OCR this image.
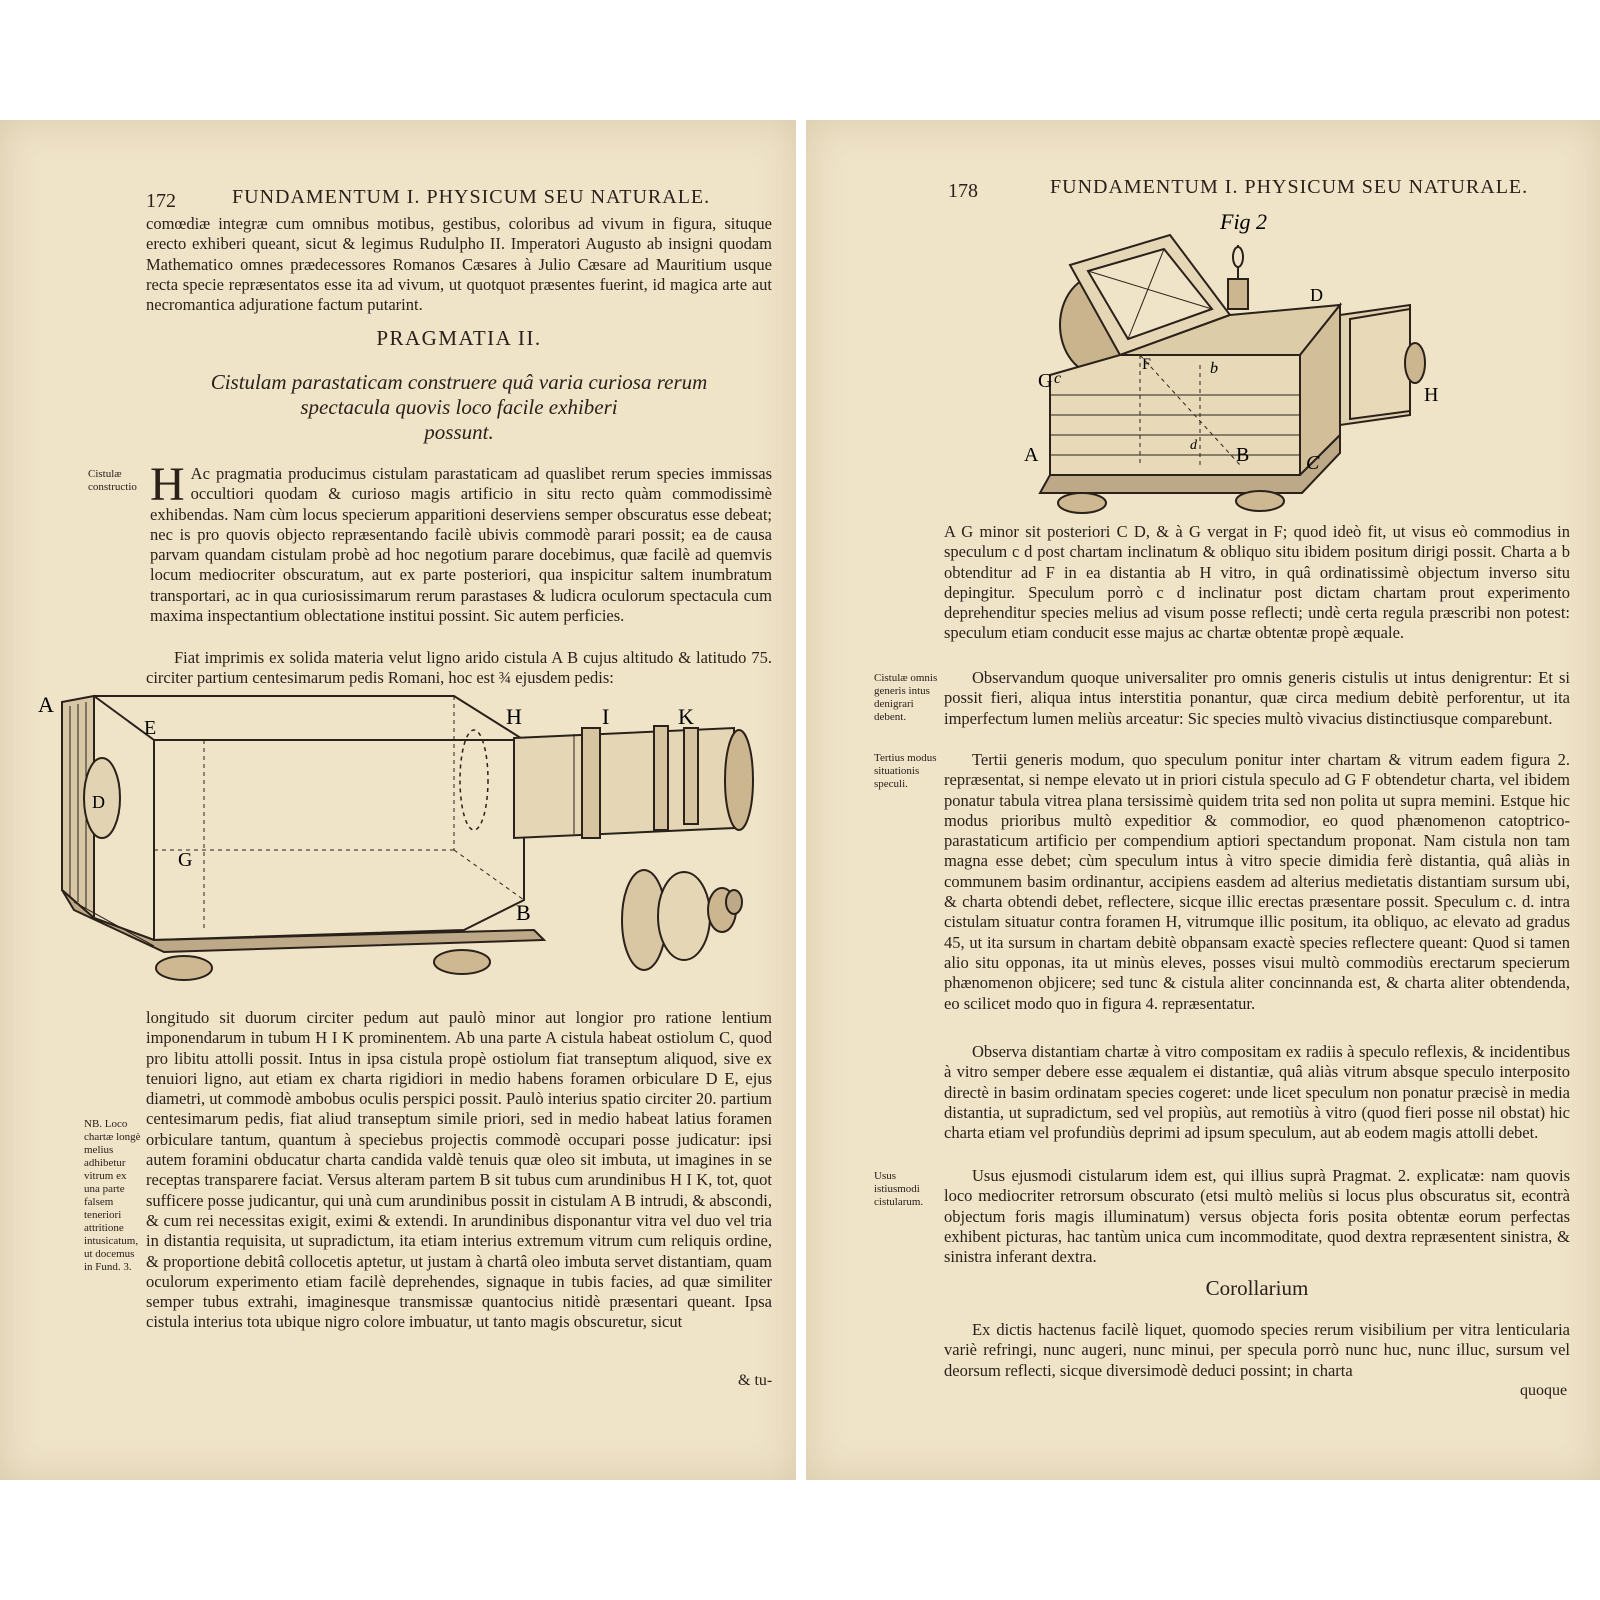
172	FUNDAMENTUM I. PHYSICUM SEU NATURALE.
comœdiæ integræ cum omnibus motibus, gestibus, coloribus ad vivum in figura, situque erecto exhiberi queant, sicut & legimus Rudulpho II. Imperatori Augusto ab insigni quodam Mathematico omnes prædecessores Romanos Cæsares à Julio Cæsare ad Mauritium usque recta specie repræsentatos esse ita ad vivum, ut quotquot præsentes fuerint, id magica arte aut necromantica adjuratione factum putarint.
PRAGMATIA II.
Cistulam parastaticam construere quâ varia curiosa rerum
spectacula quovis loco facile exhiberi
possunt.
Cistulæ constructio H Ac pragmatia producimus cistulam parastaticam ad quaslibet rerum species immissas occultiori quodam & curioso magis artificio in situ recto quàm commodissimè exhibendas. Nam cùm locus specierum apparitioni deserviens semper obscuratus esse debeat; nec is pro quovis objecto repræsentando facilè ubivis commodè parari possit; ea de causa parvam quandam cistulam probè ad hoc negotium parare docebimus, quæ facilè ad quemvis locum mediocriter obscuratum, aut ex parte posteriori, qua inspicitur saltem inumbratum transportari, ac in qua curiosissimarum rerum parastases & ludicra oculorum spectacula cum maxima inspectantium oblectatione institui possint. Sic autem perficies.
Fiat imprimis ex solida materia velut ligno arido cistula A B cujus altitudo & latitudo 75. circiter partium centesimarum pedis Romani, hoc est ¾ ejusdem pedis:
A
E
D
G
B
H	I	K
longitudo sit duorum circiter pedum aut paulò minor aut longior pro ratione lentium imponendarum in tubum H I K prominentem. Ab una parte A cistula habeat ostiolum C, quod pro libitu attolli possit. Intus in ipsa cistula propè ostiolum fiat transeptum aliquod, sive ex tenuiori ligno, aut etiam ex charta rigidiori in medio habens foramen orbiculare D E, ejus diametri, ut commodè ambobus oculis perspici possit. Paulò interius spatio circiter 20. partium centesimarum pedis, fiat aliud transeptum simile priori, sed in medio habeat latius foramen orbiculare tantum, quantum à speciebus projectis commodè occupari posse judicatur: ipsi autem foramini obducatur charta candida valdè tenuis quæ oleo sit imbuta, ut imagines in se receptas transparere faciat. Versus alteram partem B sit tubus cum arundinibus H I K, tot, quot sufficere posse judicantur, qui unà cum arundinibus possit in cistulam A B intrudi, & abscondi, & cum rei necessitas exigit, eximi & extendi. In arundinibus disponantur vitra vel duo vel tria in distantia requisita, ut supradictum, ita etiam interius extremum vitrum cum reliquis ordine, & proportione debitâ collocetis aptetur, ut justam à chartâ oleo imbuta servet distantiam, quam oculorum experimento etiam facilè deprehendes, signaque in tubis facies, ad quæ similiter semper tubus extrahi, imaginesque transmissæ quantocius nitidè præsentari queant. Ipsa cistula interius tota ubique nigro colore imbuatur, ut tanto magis obscuretur, sicut
NB. Loco chartæ longè melius adhibetur vitrum ex una parte falsem teneriori attritione intusicatum, ut docemus in Fund. 3.
& tu-
178	FUNDAMENTUM I. PHYSICUM SEU NATURALE.
Fig 2
D
G c
F	b
H
A	B	C
d
A G minor sit posteriori C D, & à G vergat in F; quod ideò fit, ut visus eò commodius in speculum c d post chartam inclinatum & obliquo situ ibidem positum dirigi possit. Charta a b obtenditur ad F in ea distantia ab H vitro, in quâ ordinatissimè objectum inverso situ depingitur. Speculum porrò c d inclinatur post dictam chartam prout experimento deprehenditur species melius ad visum posse reflecti; undè certa regula præscribi non potest: speculum etiam conducit esse majus ac chartæ obtentæ propè æquale.
Cistulæ omnis generis intus denigrari debent.
Observandum quoque universaliter pro omnis generis cistulis ut intus denigrentur: Et si possit fieri, aliqua intus interstitia ponantur, quæ circa medium debitè perforentur, ut ita imperfectum lumen meliùs arceatur: Sic species multò vivacius distinctiusque comparebunt.
Tertius modus situationis speculi.
Tertii generis modum, quo speculum ponitur inter chartam & vitrum eadem figura 2. repræsentat, si nempe elevato ut in priori cistula speculo ad G F obtendetur charta, vel ibidem ponatur tabula vitrea plana tersissimè quidem trita sed non polita ut supra memini. Estque hic modus prioribus multò expeditior & commodior, eo quod phænomenon catoptrico-parastaticum artificio per compendium aptiori spectandum proponat. Nam cistula non tam magna esse debet; cùm speculum intus à vitro specie dimidia ferè distantia, quâ aliàs in communem basim ordinantur, accipiens easdem ad alterius medietatis distantiam sursum ubi, & charta obtendi debet, reflectere, sicque illic erectas præsentare possit. Speculum c. d. intra cistulam situatur contra foramen H, vitrumque illic positum, ita obliquo, ac elevato ad gradus 45, ut ita sursum in chartam debitè obpansam exactè species reflectere queant: Quod si tamen alio situ opponas, ita ut minùs eleves, posses visui multò commodiùs erectarum specierum phænomenon objicere; sed tunc & cistula aliter concinnanda est, & charta aliter obtendenda, eo scilicet modo quo in figura 4. repræsentatur.
Observa distantiam chartæ à vitro compositam ex radiis à speculo reflexis, & incidentibus à vitro semper debere esse æqualem ei distantiæ, quâ aliàs vitrum absque speculo interposito directè in basim ordinatam species cogeret: unde licet speculum non ponatur præcisè in media distantia, ut supradictum, sed vel propiùs, aut remotiùs à vitro (quod fieri posse nil obstat) hic charta etiam vel profundiùs deprimi ad ipsum speculum, aut ab eodem magis attolli debet.
Usus istiusmodi cistularum.
Usus ejusmodi cistularum idem est, qui illius suprà Pragmat. 2. explicatæ: nam quovis loco mediocriter retrorsum obscurato (etsi multò meliùs si locus plus obscuratus sit, econtrà objectum foris magis illuminatum) versus objecta foris posita obtentæ eorum perfectas exhibent picturas, hac tantùm unica cum incommoditate, quod dextra repræsentent sinistra, & sinistra inferant dextra.
Corollarium
Ex dictis hactenus facilè liquet, quomodo species rerum visibilium per vitra lenticularia variè refringi, nunc augeri, nunc minui, per specula porrò nunc huc, nunc illuc, sursum vel deorsum reflecti, sicque diversimodè deduci possint; in charta
quoque
